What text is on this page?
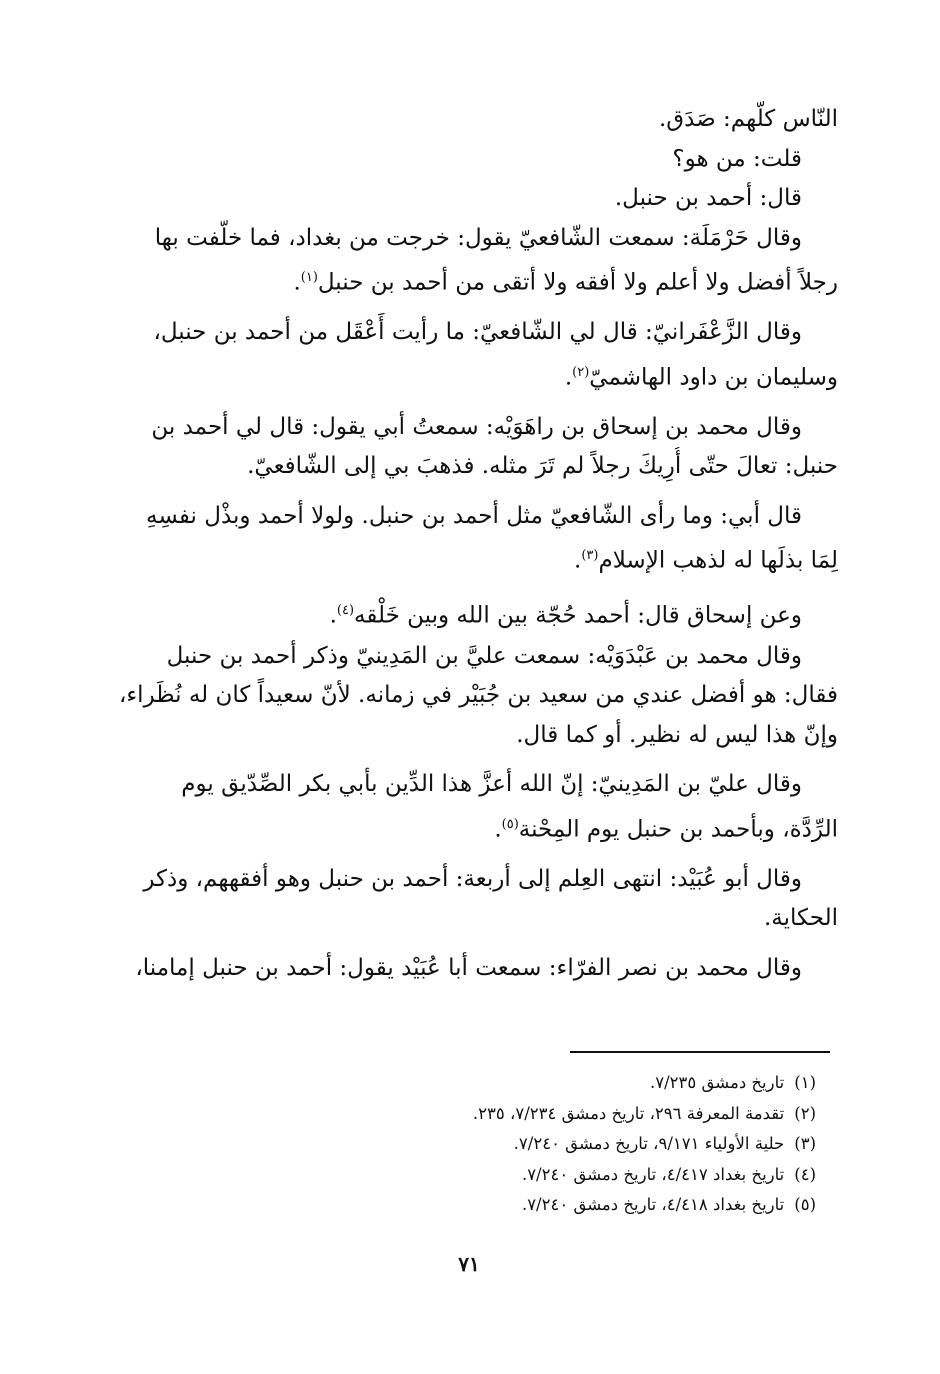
النّاس كلّهم: صَدَق.

قلت: من هو؟

قال: أحمد بن حنبل.

وقال حَرْمَلَة: سمعت الشّافعيّ يقول: خرجت من بغداد، فما خلّفت بها

رجلاً أفضل ولا أعلم ولا أفقه ولا أتقى من أحمد بن حنبل$^{(١)}$.

وقال الزَّعْفَرانيّ: قال لي الشّافعيّ: ما رأيت أَعْقَل من أحمد بن حنبل،

وسليمان بن داود الهاشميّ$^{(٢)}$.

وقال محمد بن إسحاق بن راهَوَيْه: سمعتُ أبي يقول: قال لي أحمد بن

حنبل: تعالَ حتّى أُرِيكَ رجلاً لم تَرَ مثله. فذهبَ بي إلى الشّافعيّ.

قال أبي: وما رأى الشّافعيّ مثل أحمد بن حنبل. ولولا أحمد وبذْل نفسِهِ

لِمَا بذلَها له لذهب الإسلام$^{(٣)}$.

وعن إسحاق قال: أحمد حُجّة بين الله وبين خَلْقه$^{(٤)}$.

وقال محمد بن عَبْدَوَيْه: سمعت عليَّ بن المَدِينيّ وذكر أحمد بن حنبل

فقال: هو أفضل عندي من سعيد بن جُبَيْر في زمانه. لأنّ سعيداً كان له نُظَراء،

وإنّ هذا ليس له نظير. أو كما قال.

وقال عليّ بن المَدِينيّ: إنّ الله أعزَّ هذا الدِّين بأبي بكر الصِّدّيق يوم

الرِّدَّة، وبأحمد بن حنبل يوم المِحْنة$^{(٥)}$.

وقال أبو عُبَيْد: انتهى العِلم إلى أربعة: أحمد بن حنبل وهو أفقههم، وذكر

الحكاية.

وقال محمد بن نصر الفرّاء: سمعت أبا عُبَيْد يقول: أحمد بن حنبل إمامنا،

(١)تاريخ دمشق ٧/٢٣٥.
(٢)تقدمة المعرفة ٢٩٦، تاريخ دمشق ٧/٢٣٤، ٢٣٥.
(٣)حلية الأولياء ٩/١٧١، تاريخ دمشق ٧/٢٤٠.
(٤)تاريخ بغداد ٤/٤١٧، تاريخ دمشق ٧/٢٤٠.
(٥)تاريخ بغداد ٤/٤١٨، تاريخ دمشق ٧/٢٤٠.
٧١
